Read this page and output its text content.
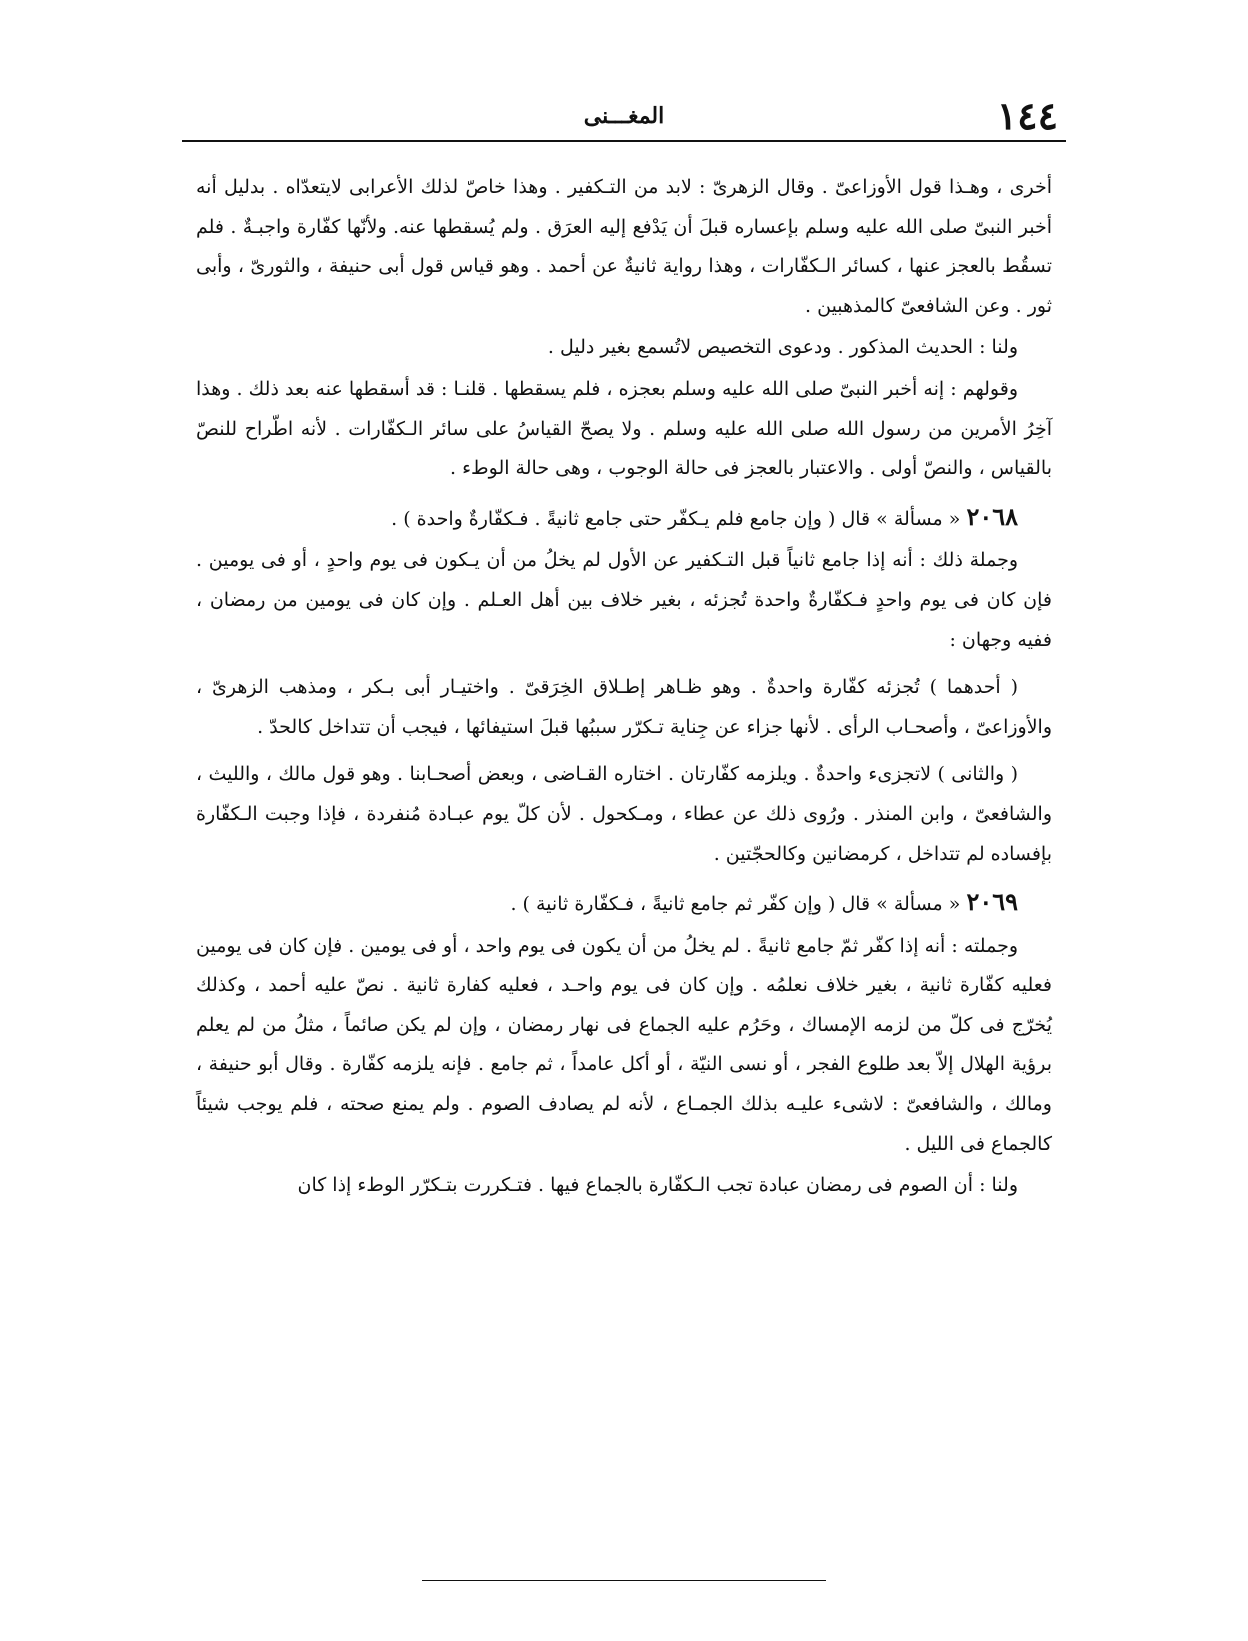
١٤٤
المغـــنى

أخرى ، وهـذا قول الأوزاعىّ . وقال الزهرىّ : لابد من التـكفير . وهذا خاصّ لذلك الأعرابى لايتعدّاه . بدليل أنه أخبر النبىّ صلى الله عليه وسلم بإعساره قبلَ أن يَدْفع إليه العرَق . ولم يُسقطها عنه. ولأنّها كفّارة واجبـةٌ . فلم تسقُط بالعجز عنها ، كسائر الـكفّارات ، وهذا رواية ثانيةٌ عن أحمد . وهو قياس قول أبى حنيفة ، والثورىّ ، وأبى ثور . وعن الشافعىّ كالمذهبين .

ولنا : الحديث المذكور . ودعوى التخصيص لاتُسمع بغير دليل .

وقولهم : إنه أخبر النبىّ صلى الله عليه وسلم بعجزه ، فلم يسقطها . قلنـا : قد أسقطها عنه بعد ذلك . وهذا آخِرُ الأمرين من رسول الله صلى الله عليه وسلم . ولا يصحّ القياسُ على سائر الـكفّارات . لأنه اطّراح للنصّ بالقياس ، والنصّ أولى . والاعتبار بالعجز فى حالة الوجوب ، وهى حالة الوطء .

٢٠٦٨ « مسألة » قال ( وإن جامع فلم يـكفّر حتى جامع ثانيةً . فـكفّارةٌ واحدة ) .

وجملة ذلك : أنه إذا جامع ثانياً قبل التـكفير عن الأول لم يخلُ من أن يـكون فى يوم واحدٍ ، أو فى يومين . فإن كان فى يوم واحدٍ فـكفّارةٌ واحدة تُجزئه ، بغير خلاف بين أهل العـلم . وإن كان فى يومين من رمضان ، ففيه وجهان :

( أحدهما ) تُجزئه كفّارة واحدةٌ . وهو ظـاهر إطـلاق الخِرَقىّ . واختيـار أبى بـكر ، ومذهب الزهرىّ ، والأوزاعىّ ، وأصحـاب الرأى . لأنها جزاء عن جِناية تـكرّر سببُها قبلَ استيفائها ، فيجب أن تتداخل كالحدّ .

( والثانى ) لاتجزىء واحدةٌ . ويلزمه كفّارتان . اختاره القـاضى ، وبعض أصحـابنا . وهو قول مالك ، والليث ، والشافعىّ ، وابن المنذر . ورُوى ذلك عن عطاء ، ومـكحول . لأن كلّ يوم عبـادة مُنفردة ، فإذا وجبت الـكفّارة بإفساده لم تتداخل ، كرمضانين وكالحجّتين .

٢٠٦٩ « مسألة » قال ( وإن كفّر ثم جامع ثانيةً ، فـكفّارة ثانية ) .

وجملته : أنه إذا كفّر ثمّ جامع ثانيةً . لم يخلُ من أن يكون فى يوم واحد ، أو فى يومين . فإن كان فى يومين فعليه كفّارة ثانية ، بغير خلاف نعلمُه . وإن كان فى يوم واحـد ، فعليه كفارة ثانية . نصّ عليه أحمد ، وكذلك يُخرّج فى كلّ من لزمه الإمساك ، وحَرُم عليه الجماع فى نهار رمضان ، وإن لم يكن صائماً ، مثلُ من لم يعلم برؤية الهلال إلاّ بعد طلوع الفجر ، أو نسى النيّة ، أو أكل عامداً ، ثم جامع . فإنه يلزمه كفّارة . وقال أبو حنيفة ، ومالك ، والشافعىّ : لاشىء عليـه بذلك الجمـاع ، لأنه لم يصادف الصوم . ولم يمنع صحته ، فلم يوجب شيئاً كالجماع فى الليل .

ولنا : أن الصوم فى رمضان عبادة تجب الـكفّارة بالجماع فيها . فتـكررت بتـكرّر الوطء إذا كان
